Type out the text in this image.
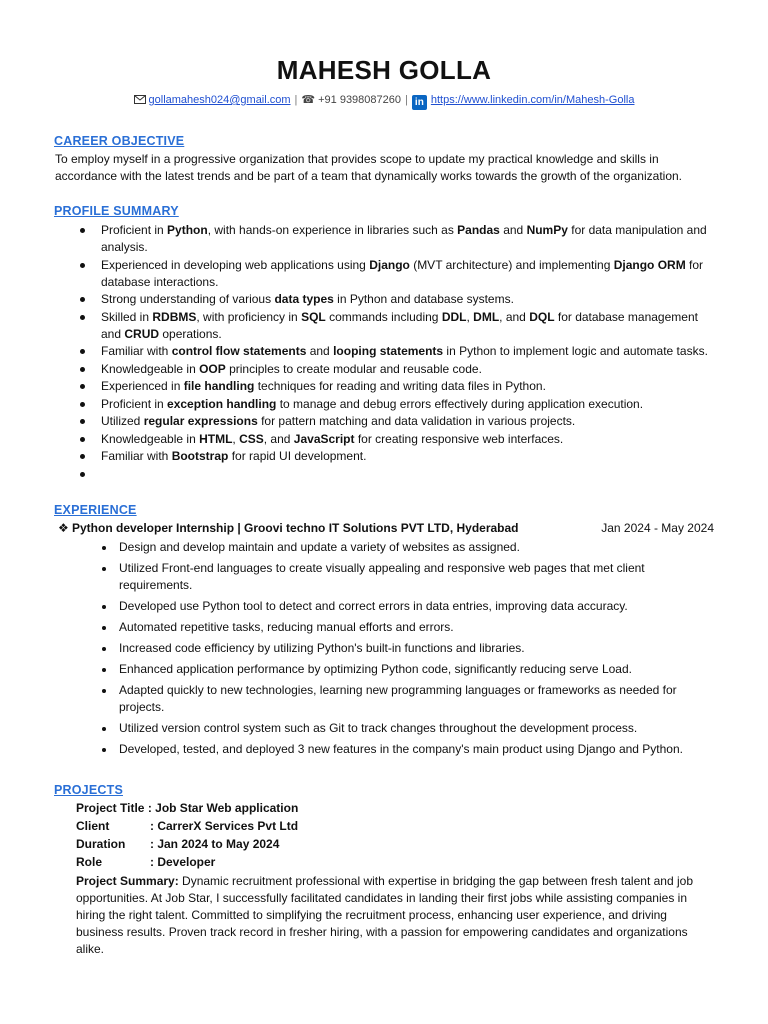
MAHESH GOLLA
gollamahesh024@gmail.com | ☎ +91 9398087260 | in https://www.linkedin.com/in/Mahesh-Golla
CAREER OBJECTIVE
To employ myself in a progressive organization that provides scope to update my practical knowledge and skills in accordance with the latest trends and be part of a team that dynamically works towards the growth of the organization.
PROFILE SUMMARY
Proficient in Python, with hands-on experience in libraries such as Pandas and NumPy for data manipulation and analysis.
Experienced in developing web applications using Django (MVT architecture) and implementing Django ORM for database interactions.
Strong understanding of various data types in Python and database systems.
Skilled in RDBMS, with proficiency in SQL commands including DDL, DML, and DQL for database management and CRUD operations.
Familiar with control flow statements and looping statements in Python to implement logic and automate tasks.
Knowledgeable in OOP principles to create modular and reusable code.
Experienced in file handling techniques for reading and writing data files in Python.
Proficient in exception handling to manage and debug errors effectively during application execution.
Utilized regular expressions for pattern matching and data validation in various projects.
Knowledgeable in HTML, CSS, and JavaScript for creating responsive web interfaces.
Familiar with Bootstrap for rapid UI development.

EXPERIENCE
❖ Python developer Internship | Groovi techno IT Solutions PVT LTD, Hyderabad	Jan 2024 - May 2024
Design and develop maintain and update a variety of websites as assigned.
Utilized Front-end languages to create visually appealing and responsive web pages that met client requirements.
Developed use Python tool to detect and correct errors in data entries, improving data accuracy.
Automated repetitive tasks, reducing manual efforts and errors.
Increased code efficiency by utilizing Python's built-in functions and libraries.
Enhanced application performance by optimizing Python code, significantly reducing serve Load.
Adapted quickly to new technologies, learning new programming languages or frameworks as needed for projects.
Utilized version control system such as Git to track changes throughout the development process.
Developed, tested, and deployed 3 new features in the company's main product using Django and Python.
PROJECTS
Project Title : Job Star Web application
Client	: CarrerX Services Pvt Ltd
Duration : Jan 2024 to May 2024
Role	: Developer
Project Summary: Dynamic recruitment professional with expertise in bridging the gap between fresh talent and job opportunities. At Job Star, I successfully facilitated candidates in landing their first jobs while assisting companies in hiring the right talent. Committed to simplifying the recruitment process, enhancing user experience, and driving business results. Proven track record in fresher hiring, with a passion for empowering candidates and organizations alike.
